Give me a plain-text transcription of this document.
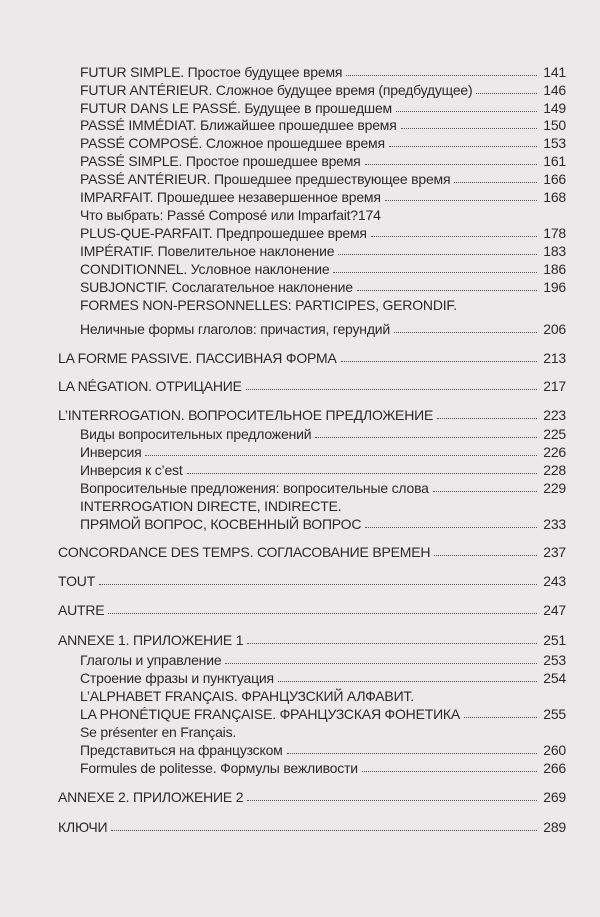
FUTUR SIMPLE. Простое будущее время	141
FUTUR ANTÉRIEUR. Сложное будущее время (предбудущее)	146
FUTUR DANS LE PASSÉ. Будущее в прошедшем	149
PASSÉ IMMÉDIAT. Ближайшее прошедшее время	150
PASSÉ COMPOSÉ. Сложное прошедшее время	153
PASSÉ SIMPLE. Простое прошедшее время	161
PASSÉ ANTÉRIEUR. Прошедшее предшествующее время	166
IMPARFAIT. Прошедшее незавершенное время	168
Что выбрать: Passé Composé или Imparfait? 174
PLUS-QUE-PARFAIT. Предпрошедшее время	178
IMPÉRATIF. Повелительное наклонение	183
CONDITIONNEL. Условное наклонение	186
SUBJONCTIF. Сослагательное наклонение	196
FORMES NON-PERSONNELLES: PARTICIPES, GERONDIF.
Неличные формы глаголов: причастия, герундий	206
LA FORME PASSIVE. ПАССИВНАЯ ФОРМА	213
LA NÉGATION. ОТРИЦАНИЕ	217
L’INTERROGATION. ВОПРОСИТЕЛЬНОЕ ПРЕДЛОЖЕНИЕ	223
Виды вопросительных предложений	225
Инверсия	226
Инверсия к c’est	228
Вопросительные предложения: вопросительные слова	229
INTERROGATION DIRECTE, INDIRECTE.
ПРЯМОЙ ВОПРОС, КОСВЕННЫЙ ВОПРОС	233
CONCORDANCE DES TEMPS. СОГЛАСОВАНИЕ ВРЕМЕН	237
TOUT	243
AUTRE	247
ANNEXE 1. ПРИЛОЖЕНИЕ 1	251
Глаголы и управление	253
Строение фразы и пунктуация	254
L’ALPHABET FRANÇAIS. ФРАНЦУЗСКИЙ АЛФАВИТ.
LA PHONÉTIQUE FRANÇAISE. ФРАНЦУЗСКАЯ ФОНЕТИКА	255
Se présenter en Français.
Представиться на французском	260
Formules de politesse. Формулы вежливости	266
ANNEXE 2. ПРИЛОЖЕНИЕ 2	269
КЛЮЧИ	289
